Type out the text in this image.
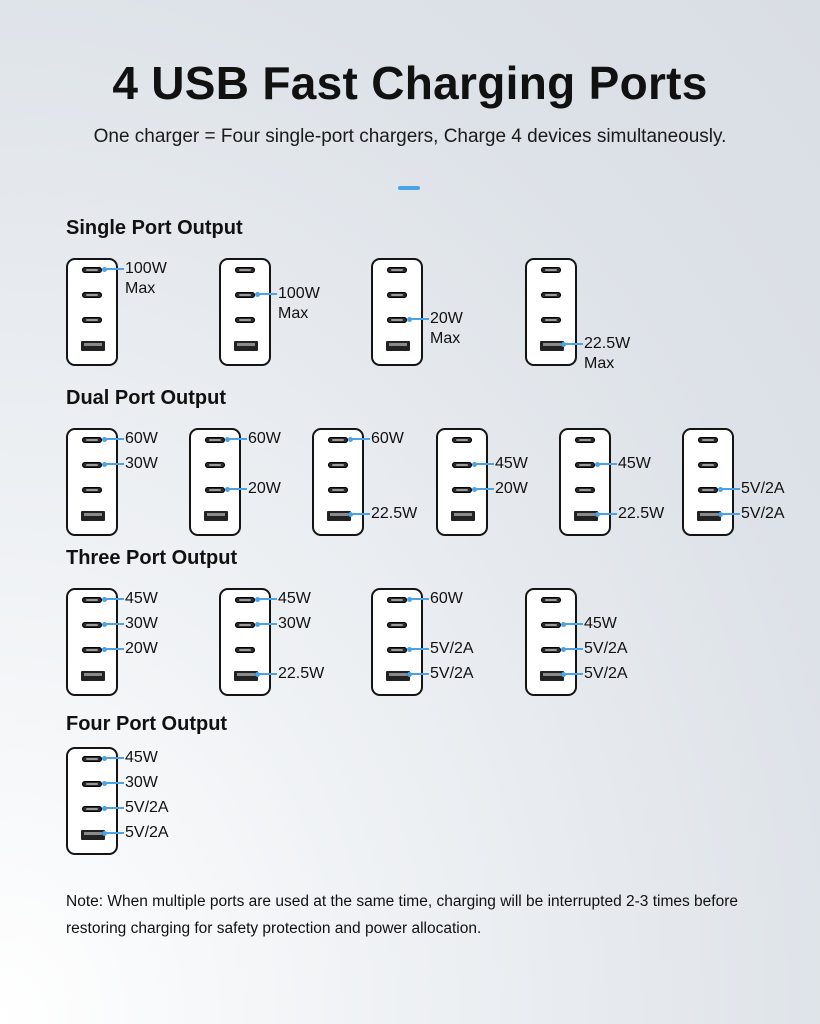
4 USB Fast Charging Ports
One charger = Four single-port chargers, Charge 4 devices simultaneously.
Single Port Output
Dual Port Output
Three Port Output
Four Port Output
100W
Max	100W
Max	20W
Max	22.5W
Max
60W
30W
60W
20W
60W
22.5W
45W
20W
45W
22.5W
5V/2A
5V/2A
45W
30W
20W
45W
30W
22.5W
60W
5V/2A
5V/2A
45W
5V/2A
5V/2A
45W
30W
5V/2A
5V/2A
Note: When multiple ports are used at the same time, charging will be interrupted 2-3 times before restoring charging for safety protection and power allocation.
